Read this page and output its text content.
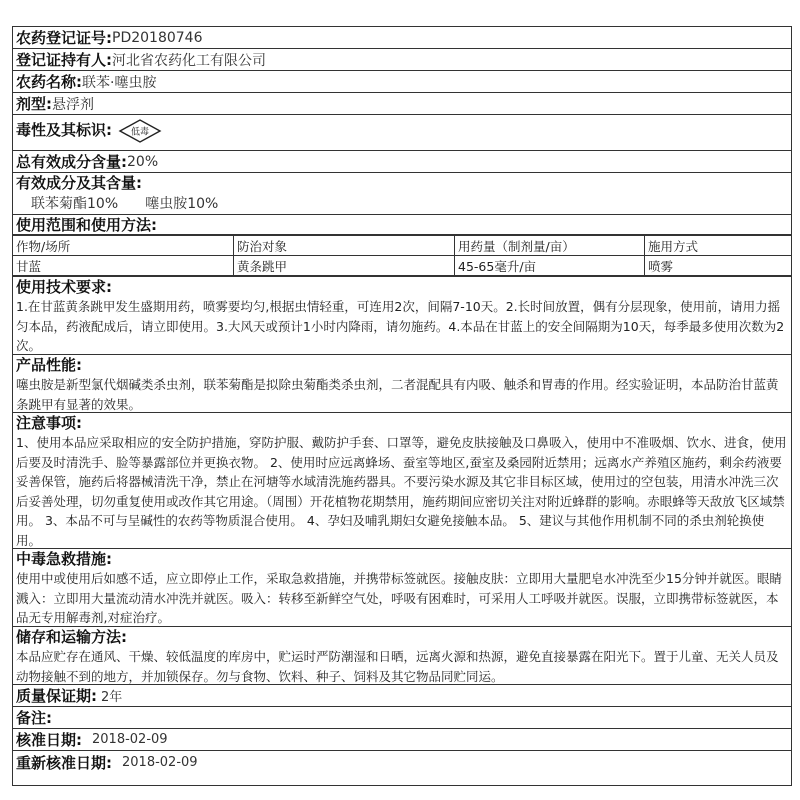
农药登记证号: PD20180746
登记证持有人: 河北省农药化工有限公司
农药名称: 联苯·噻虫胺
剂型: 悬浮剂
毒性及其标识: 低毒
总有效成分含量: 20%
有效成分及其含量:
联苯菊酯10% 噻虫胺10%
使用范围和使用方法:
作物/场所	防治对象	用药量（制剂量/亩）	施用方式
甘蓝	黄条跳甲	45-65毫升/亩	喷雾
使用技术要求:
1.在甘蓝黄条跳甲发生盛期用药，喷雾要均匀,根据虫情轻重，可连用2次，间隔7-10天。2.长时间放置，偶有分层现象，使用前，请用力摇匀本品，药液配成后，请立即使用。3.大风天或预计1小时内降雨，请勿施药。4.本品在甘蓝上的安全间隔期为10天，每季最多使用次数为2次。
产品性能:
噻虫胺是新型氯代烟碱类杀虫剂，联苯菊酯是拟除虫菊酯类杀虫剂，二者混配具有内吸、触杀和胃毒的作用。经实验证明，本品防治甘蓝黄条跳甲有显著的效果。
注意事项:
1、使用本品应采取相应的安全防护措施，穿防护服、戴防护手套、口罩等，避免皮肤接触及口鼻吸入，使用中不准吸烟、饮水、进食，使用后要及时清洗手、脸等暴露部位并更换衣物。 2、使用时应远离蜂场、蚕室等地区,蚕室及桑园附近禁用；远离水产养殖区施药，剩余药液要妥善保管，施药后将器械清洗干净，禁止在河塘等水域清洗施药器具。不要污染水源及其它非目标区域，使用过的空包装，用清水冲洗三次后妥善处理，切勿重复使用或改作其它用途。（周围）开花植物花期禁用，施药期间应密切关注对附近蜂群的影响。赤眼蜂等天敌放飞区域禁用。 3、本品不可与呈碱性的农药等物质混合使用。 4、孕妇及哺乳期妇女避免接触本品。 5、建议与其他作用机制不同的杀虫剂轮换使用。
中毒急救措施:
使用中或使用后如感不适，应立即停止工作，采取急救措施，并携带标签就医。接触皮肤：立即用大量肥皂水冲洗至少15分钟并就医。眼睛溅入：立即用大量流动清水冲洗并就医。吸入：转移至新鲜空气处，呼吸有困难时，可采用人工呼吸并就医。误服，立即携带标签就医，本品无专用解毒剂,对症治疗。
储存和运输方法:
本品应贮存在通风、干燥、较低温度的库房中，贮运时严防潮湿和日晒，远离火源和热源，避免直接暴露在阳光下。置于儿童、无关人员及动物接触不到的地方，并加锁保存。勿与食物、饮料、种子、饲料及其它物品同贮同运。
质量保证期: 2年
备注:
核准日期: 2018-02-09
重新核准日期: 2018-02-09
